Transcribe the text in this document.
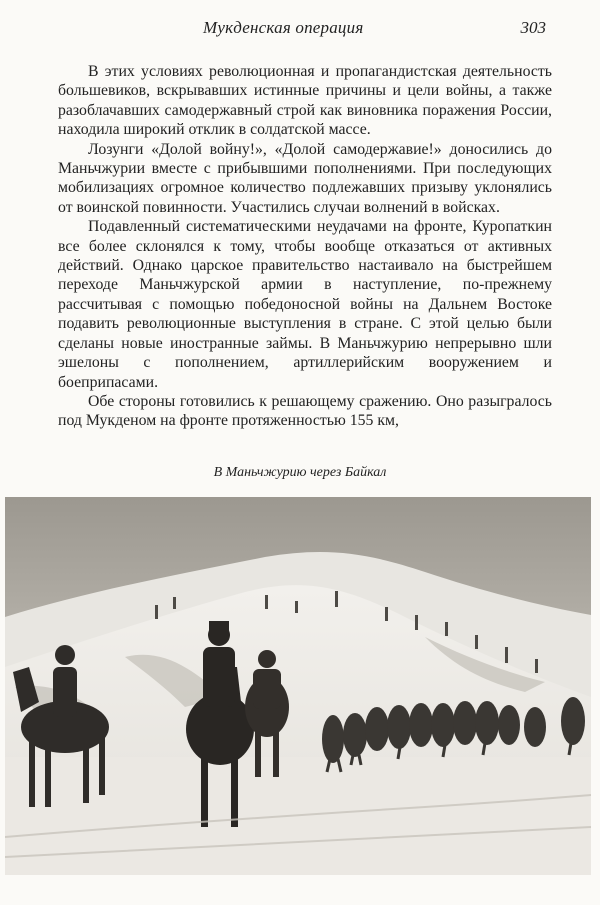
Мукденская операция	303

В этих условиях революционная и пропагандистская деятельность большевиков, вскрывавших истинные причины и цели войны, а также разоблачавших самодержавный строй как виновника поражения России, находила широкий отклик в солдатской массе.

Лозунги «Долой войну!», «Долой самодержавие!» доносились до Маньчжурии вместе с прибывшими пополнениями. При последующих мобилизациях огромное количество подлежавших призыву уклонялись от воинской повинности. Участились случаи волнений в войсках.

Подавленный систематическими неудачами на фронте, Куропаткин все более склонялся к тому, чтобы вообще отказаться от активных действий. Однако царское правительство настаивало на быстрейшем переходе Маньчжурской армии в наступление, по-прежнему рассчитывая с помощью победоносной войны на Дальнем Востоке подавить революционные выступления в стране. С этой целью были сделаны новые иностранные займы. В Маньчжурию непрерывно шли эшелоны с пополнением, артиллерийским вооружением и боеприпасами.

Обе стороны готовились к решающему сражению. Оно разыгралось под Мукденом на фронте протяженностью 155 км,

В Маньчжурию через Байкал
